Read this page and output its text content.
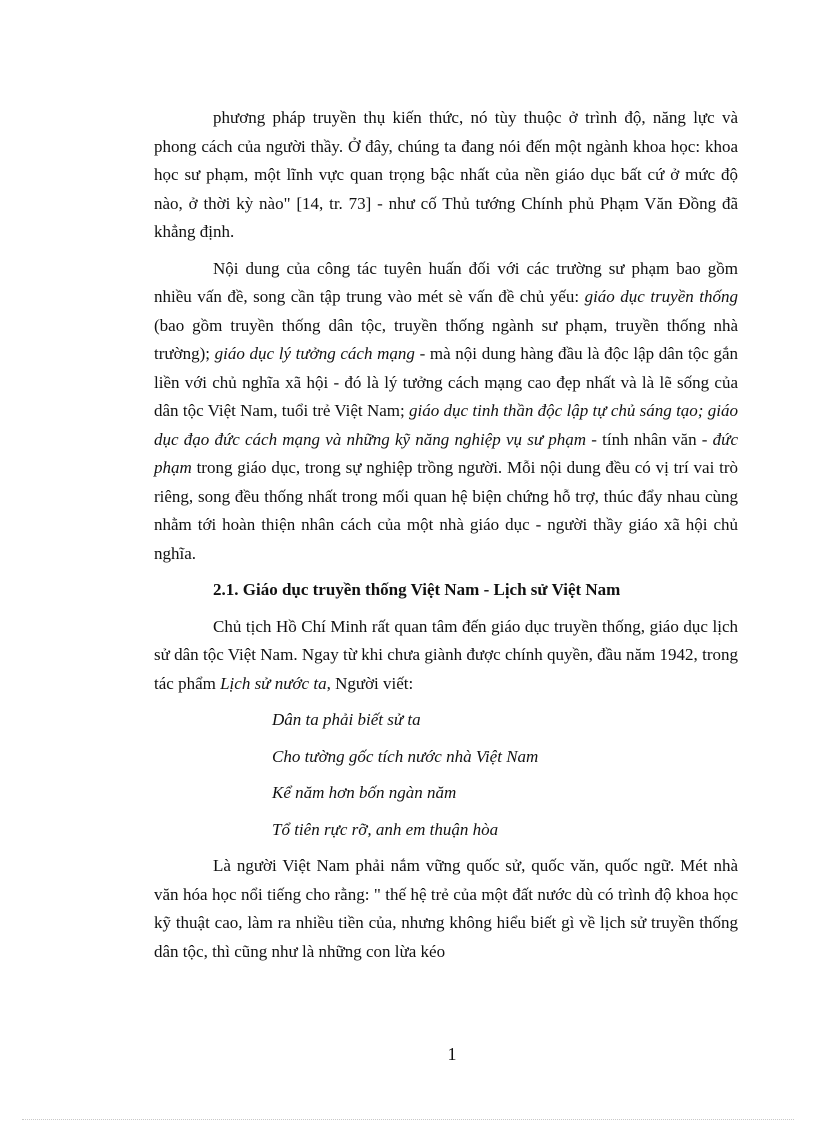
phương pháp truyền thụ kiến thức, nó tùy thuộc ở trình độ, năng lực và phong cách của người thầy. Ở đây, chúng ta đang nói đến một ngành khoa học: khoa học sư phạm, một lĩnh vực quan trọng bậc nhất của nền giáo dục bất cứ ở mức độ nào, ở thời kỳ nào" [14, tr. 73] - như cố Thủ tướng Chính phủ Phạm Văn Đồng đã khẳng định.

Nội dung của công tác tuyên huấn đối với các trường sư phạm bao gồm nhiều vấn đề, song cần tập trung vào mét sè vấn đề chủ yếu: giáo dục truyền thống (bao gồm truyền thống dân tộc, truyền thống ngành sư phạm, truyền thống nhà trường); giáo dục lý tưởng cách mạng - mà nội dung hàng đầu là độc lập dân tộc gắn liền với chủ nghĩa xã hội - đó là lý tưởng cách mạng cao đẹp nhất và là lẽ sống của dân tộc Việt Nam, tuổi trẻ Việt Nam; giáo dục tinh thần độc lập tự chủ sáng tạo; giáo dục đạo đức cách mạng và những kỹ năng nghiệp vụ sư phạm - tính nhân văn - đức phạm trong giáo dục, trong sự nghiệp trồng người. Mỗi nội dung đều có vị trí vai trò riêng, song đều thống nhất trong mối quan hệ biện chứng hỗ trợ, thúc đẩy nhau cùng nhằm tới hoàn thiện nhân cách của một nhà giáo dục - người thầy giáo xã hội chủ nghĩa.

2.1. Giáo dục truyền thống Việt Nam - Lịch sử Việt Nam

Chủ tịch Hồ Chí Minh rất quan tâm đến giáo dục truyền thống, giáo dục lịch sử dân tộc Việt Nam. Ngay từ khi chưa giành được chính quyền, đầu năm 1942, trong tác phẩm Lịch sử nước ta, Người viết:

Dân ta phải biết sử ta

Cho tường gốc tích nước nhà Việt Nam

Kể năm hơn bốn ngàn năm

Tổ tiên rực rỡ, anh em thuận hòa

Là người Việt Nam phải nắm vững quốc sử, quốc văn, quốc ngữ. Mét nhà văn hóa học nổi tiếng cho rằng: " thế hệ trẻ của một đất nước dù có trình độ khoa học kỹ thuật cao, làm ra nhiều tiền của, nhưng không hiểu biết gì về lịch sử truyền thống dân tộc, thì cũng như là những con lừa kéo

1
